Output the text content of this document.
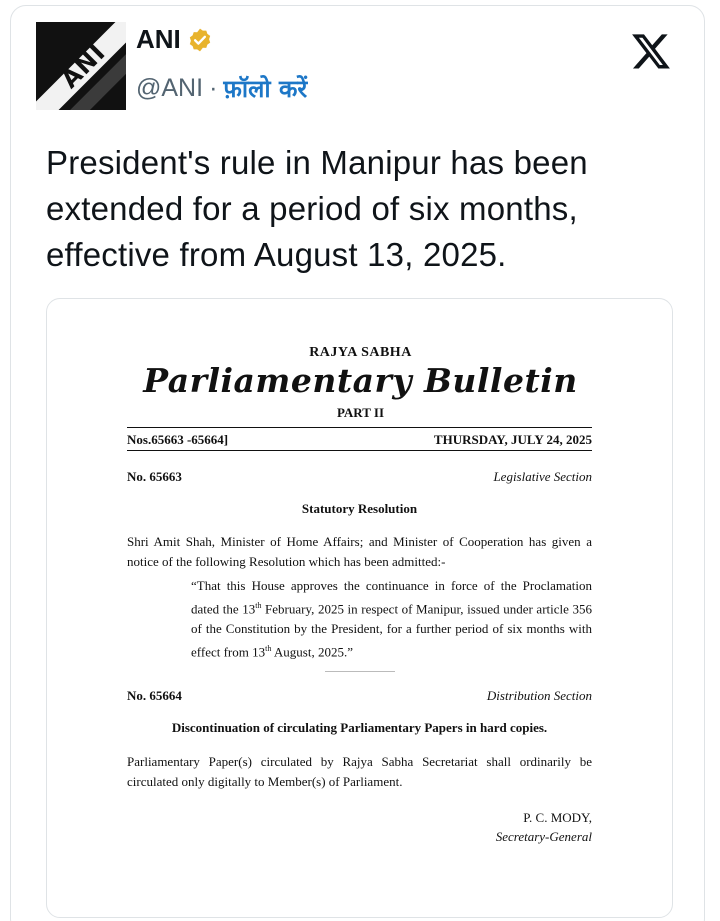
ANI ANI
@ANI · फ़ॉलो करें
President's rule in Manipur has been extended for a period of six months, effective from August 13, 2025.
RAJYA SABHA
Parliamentary Bulletin
PART II
Nos.65663 -65664]	THURSDAY, JULY 24, 2025
No. 65663	Legislative Section
Statutory Resolution
Shri Amit Shah, Minister of Home Affairs; and Minister of Cooperation has given a notice of the following Resolution which has been admitted:-
“That this House approves the continuance in force of the Proclamation dated the 13th February, 2025 in respect of Manipur, issued under article 356 of the Constitution by the President, for a further period of six months with effect from 13th August, 2025.”
No. 65664	Distribution Section
Discontinuation of circulating Parliamentary Papers in hard copies.
Parliamentary Paper(s) circulated by Rajya Sabha Secretariat shall ordinarily be circulated only digitally to Member(s) of Parliament.
P. C. MODY,
Secretary-General
